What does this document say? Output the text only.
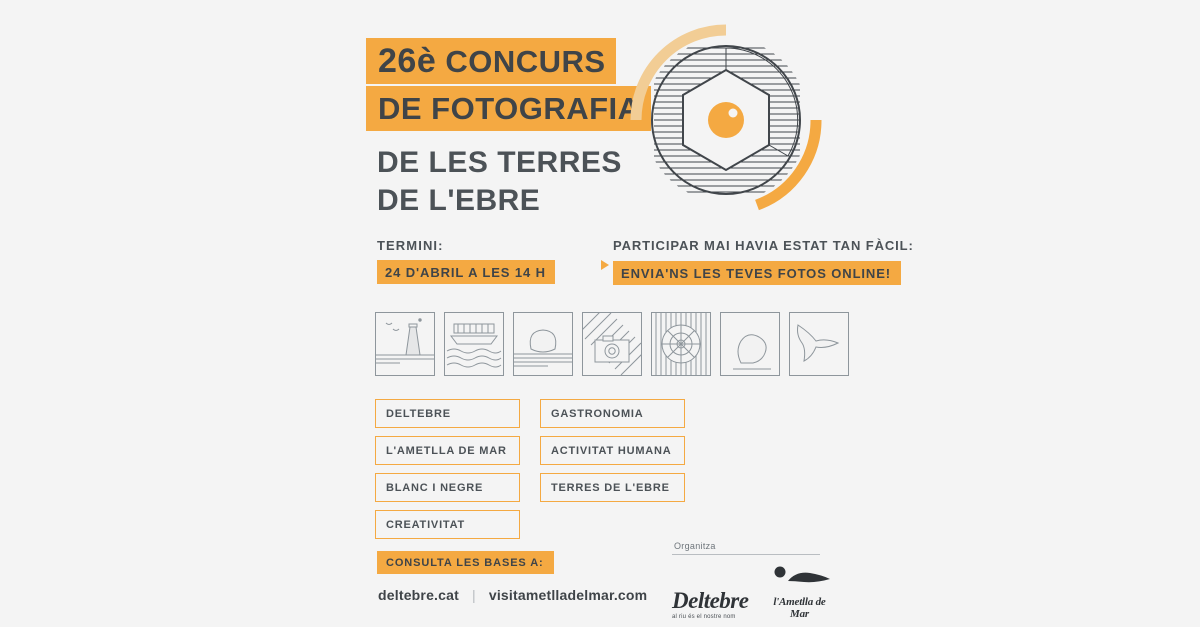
26è CONCURS DE FOTOGRAFIA
DE LES TERRES
DE L'EBRE
TERMINI:
24 D'ABRIL A LES 14 H
PARTICIPAR MAI HAVIA ESTAT TAN FÀCIL:
ENVIA'NS LES TEVES FOTOS ONLINE!
DELTEBRE
L'AMETLLA DE MAR
BLANC I NEGRE
CREATIVITAT
GASTRONOMIA
ACTIVITAT HUMANA
TERRES DE L'EBRE
CONSULTA LES BASES A:
deltebre.cat | visitametlladelmar.com
Organitza
Deltebre
al riu és el nostre nom
l'Ametlla de Mar
